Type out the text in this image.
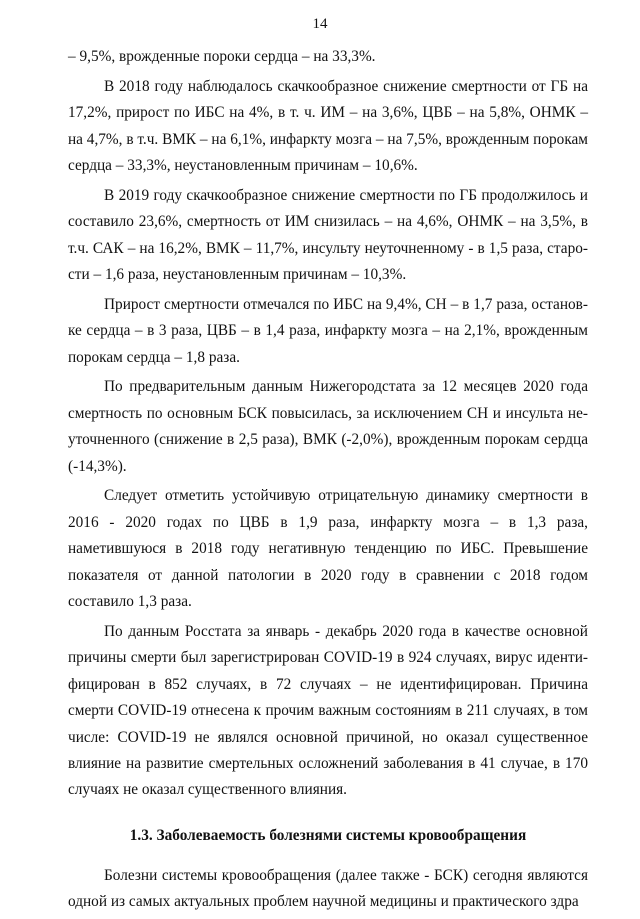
14

– 9,5%, врожденные пороки сердца – на 33,3%.

В 2018 году наблюдалось скачкообразное снижение смертности от ГБ на 17,2%, прирост по ИБС на 4%, в т. ч. ИМ – на 3,6%, ЦВБ – на 5,8%, ОНМК – на 4,7%, в т.ч. ВМК – на 6,1%, инфаркту мозга – на 7,5%, врожденным порокам сердца – 33,3%, неустановленным причинам – 10,6%.

В 2019 году скачкообразное снижение смертности по ГБ продолжилось и составило 23,6%, смертность от ИМ снизилась – на 4,6%, ОНМК – на 3,5%, в т.ч. САК – на 16,2%, ВМК – 11,7%, инсульту неуточненному - в 1,5 раза, старости – 1,6 раза, неустановленным причинам – 10,3%.

Прирост смертности отмечался по ИБС на 9,4%, СН – в 1,7 раза, остановке сердца – в 3 раза, ЦВБ – в 1,4 раза, инфаркту мозга – на 2,1%, врожденным порокам сердца – 1,8 раза.

По предварительным данным Нижегородстата за 12 месяцев 2020 года смертность по основным БСК повысилась, за исключением СН и инсульта неуточненного (снижение в 2,5 раза), ВМК (-2,0%), врожденным порокам сердца (-14,3%).

Следует отметить устойчивую отрицательную динамику смертности в 2016 - 2020 годах по ЦВБ в 1,9 раза, инфаркту мозга – в 1,3 раза, наметившуюся в 2018 году негативную тенденцию по ИБС. Превышение показателя от данной патологии в 2020 году в сравнении с 2018 годом составило 1,3 раза.

По данным Росстата за январь - декабрь 2020 года в качестве основной причины смерти был зарегистрирован COVID-19 в 924 случаях, вирус идентифицирован в 852 случаях, в 72 случаях – не идентифицирован. Причина смерти COVID-19 отнесена к прочим важным состояниям в 211 случаях, в том числе: COVID-19 не являлся основной причиной, но оказал существенное влияние на развитие смертельных осложнений заболевания в 41 случае, в 170 случаях не оказал существенного влияния.

1.3. Заболеваемость болезнями системы кровообращения

Болезни системы кровообращения (далее также - БСК) сегодня являются одной из самых актуальных проблем научной медицины и практического здра
